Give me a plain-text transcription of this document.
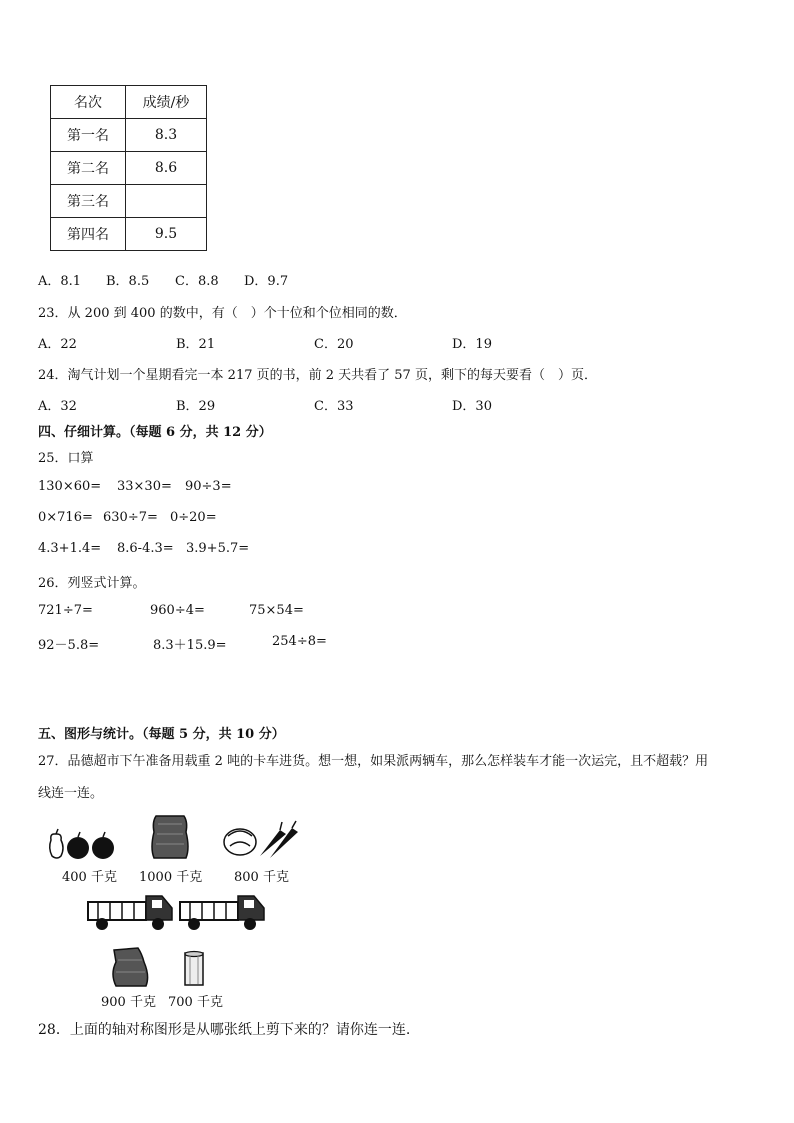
名次	成绩/秒
第一名	8.3
第二名	8.6
第三名	
第四名	9.5
A．8.1 B．8.5 C．8.8 D．9.7
23．从 200 到 400 的数中，有（　）个十位和个位相同的数．
A．22	B．21	C．20	D．19
24．淘气计划一个星期看完一本 217 页的书，前 2 天共看了 57 页，剩下的每天要看（　）页．
A．32	B．29	C．33	D．30
四、仔细计算。（每题 6 分，共 12 分）
25．口算
130×60= 33×30= 90÷3=
0×716= 630÷7= 0÷20=
4.3+1.4= 8.6-4.3= 3.9+5.7=
26．列竖式计算。
721÷7=	960÷4=	75×54=
92－5.8=	8.3＋15.9=	254÷8=
五、图形与统计。（每题 5 分，共 10 分）
27．品德超市下午准备用载重 2 吨的卡车进货。想一想，如果派两辆车，那么怎样装车才能一次运完，且不超载？用
线连一连。
400 千克 1000 千克 800 千克
900 千克 700 千克
28．上面的轴对称图形是从哪张纸上剪下来的？请你连一连.
